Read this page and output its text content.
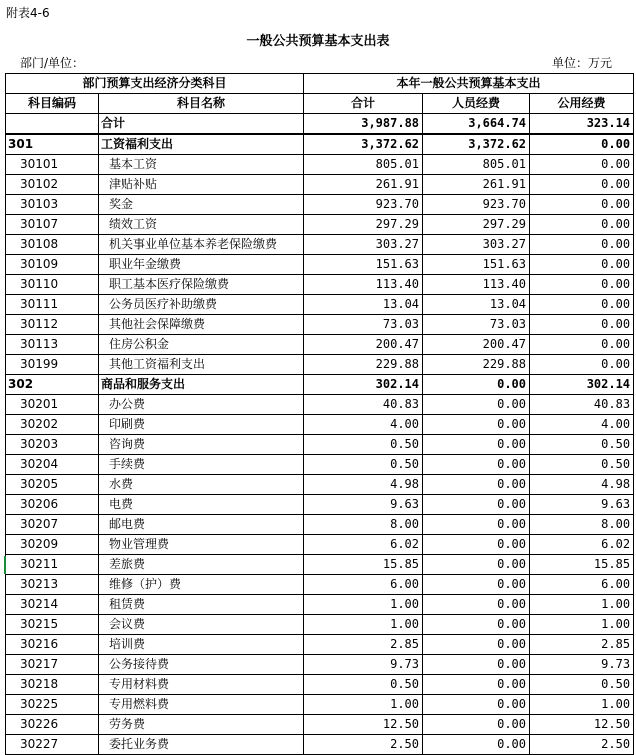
附表4-6
一般公共预算基本支出表
部门/单位：	单位：万元
部门预算支出经济分类科目		本年一般公共预算基本支出		
科目编码	科目名称	合计	人员经费	公用经费
	合计	3,987.88	3,664.74	323.14
301	工资福利支出	3,372.62	3,372.62	0.00
30101	基本工资	805.01	805.01	0.00
30102	津贴补贴	261.91	261.91	0.00
30103	奖金	923.70	923.70	0.00
30107	绩效工资	297.29	297.29	0.00
30108	机关事业单位基本养老保险缴费	303.27	303.27	0.00
30109	职业年金缴费	151.63	151.63	0.00
30110	职工基本医疗保险缴费	113.40	113.40	0.00
30111	公务员医疗补助缴费	13.04	13.04	0.00
30112	其他社会保障缴费	73.03	73.03	0.00
30113	住房公积金	200.47	200.47	0.00
30199	其他工资福利支出	229.88	229.88	0.00
302	商品和服务支出	302.14	0.00	302.14
30201	办公费	40.83	0.00	40.83
30202	印刷费	4.00	0.00	4.00
30203	咨询费	0.50	0.00	0.50
30204	手续费	0.50	0.00	0.50
30205	水费	4.98	0.00	4.98
30206	电费	9.63	0.00	9.63
30207	邮电费	8.00	0.00	8.00
30209	物业管理费	6.02	0.00	6.02
30211	差旅费	15.85	0.00	15.85
30213	维修（护）费	6.00	0.00	6.00
30214	租赁费	1.00	0.00	1.00
30215	会议费	1.00	0.00	1.00
30216	培训费	2.85	0.00	2.85
30217	公务接待费	9.73	0.00	9.73
30218	专用材料费	0.50	0.00	0.50
30225	专用燃料费	1.00	0.00	1.00
30226	劳务费	12.50	0.00	12.50
30227	委托业务费	2.50	0.00	2.50
